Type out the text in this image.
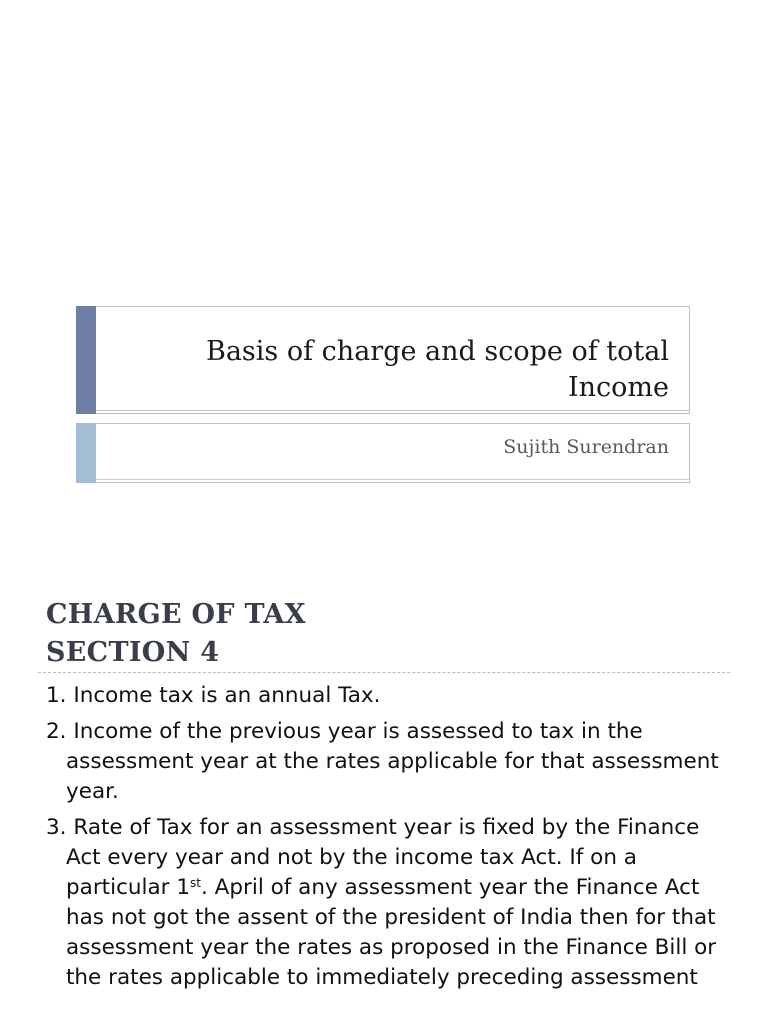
Basis of charge and scope of total Income
Sujith Surendran
CHARGE OF TAX
SECTION 4
1. Income tax is an annual Tax.
2. Income of the previous year is assessed to tax in the assessment year at the rates applicable for that assessment year.
3. Rate of Tax for an assessment year is fixed by the Finance Act every year and not by the income tax Act. If on a particular 1st. April of any assessment year the Finance Act has not got the assent of the president of India then for that assessment year the rates as proposed in the Finance Bill or the rates applicable to immediately preceding assessment
